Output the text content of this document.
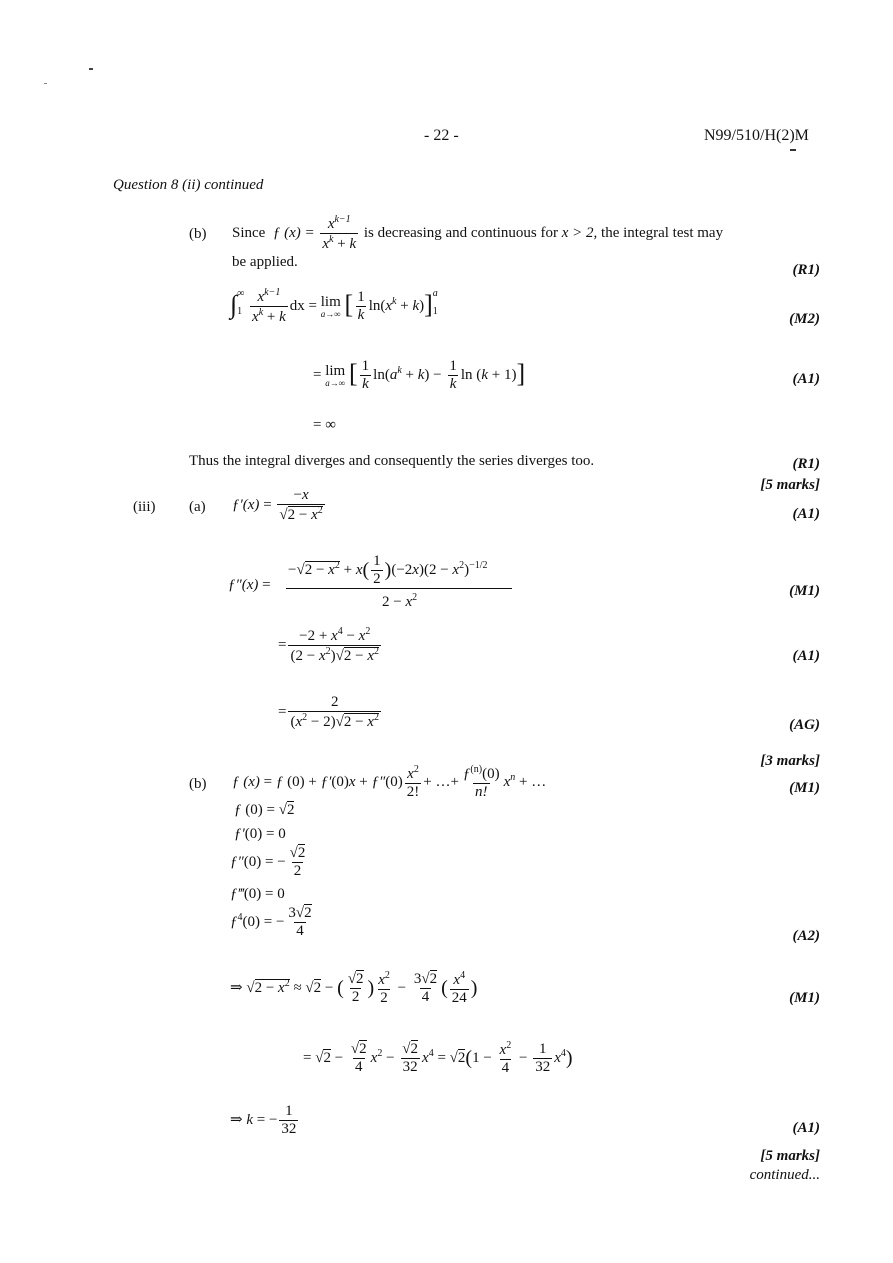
- 22 -	N99/510/H(2)M
Question 8 (ii) continued
(b) Since  ƒ $(x) = \frac{x^{k-1}}{x^k + k}$ is decreasing and continuous for x > 2, the integral test may
be applied.	(R1)
$\int_1^\infty \frac{x^{k-1}}{x^k + k}$ dx = lim
a→∞ [ $\frac{1}{k} \ln(x^k + k)]_1^a$
(M2)
= lim
a→∞ [ $\frac{1}{k} \ln(a^k + k) - \frac{1}{k}$ ln (k + 1)]	(A1)
= ∞
Thus the integral diverges and consequently the series diverges too.	(R1)
[5 marks]
(iii) (a) ƒ′(x) = $\frac{-x}{√2 - x^2}$	(A1)
ƒ″(x) =
$-√2 - x^2 + x( \frac{1}{2} )(-2x)(2 - x^2)^{-1/2}$
$2 - x^2$	(M1)
= $\frac{-2 + x^4 - x^2}{(2 - x^2)√2 - x^2}$	(A1)
= $\frac{2}{(x^2 - 2)√2 - x^2}$	(AG)
[3 marks]
(b) ƒ (x) = ƒ (0) + ƒ′(0)x + ƒ″(0) $\frac{x^2}{2!}$ + …+ $\frac{ƒ^{(n)}(0)}{n!} x^n$ + …	(M1)
ƒ (0) = √2
ƒ′(0) = 0
ƒ″(0) = − $\frac{√2}{2}$
ƒ‴(0) = 0
$ƒ^4(0)$ = − $\frac{3√2}{4}$	(A2)
⇒ $√2 - x^2 \approx √2$ − ( $\frac{√2}{2}$ ) $\frac{x^2}{2} - \frac{3√2}{4}$ ( $\frac{x^4}{24}$ )	(M1)
= $√2 - \frac{√2}{4} x^2 - \frac{√2}{32} x^4 = √2(1 - \frac{x^2}{4} - \frac{1}{32} x^4)$
⇒ k = − $\frac{1}{32}$	(A1)
[5 marks]
continued...
